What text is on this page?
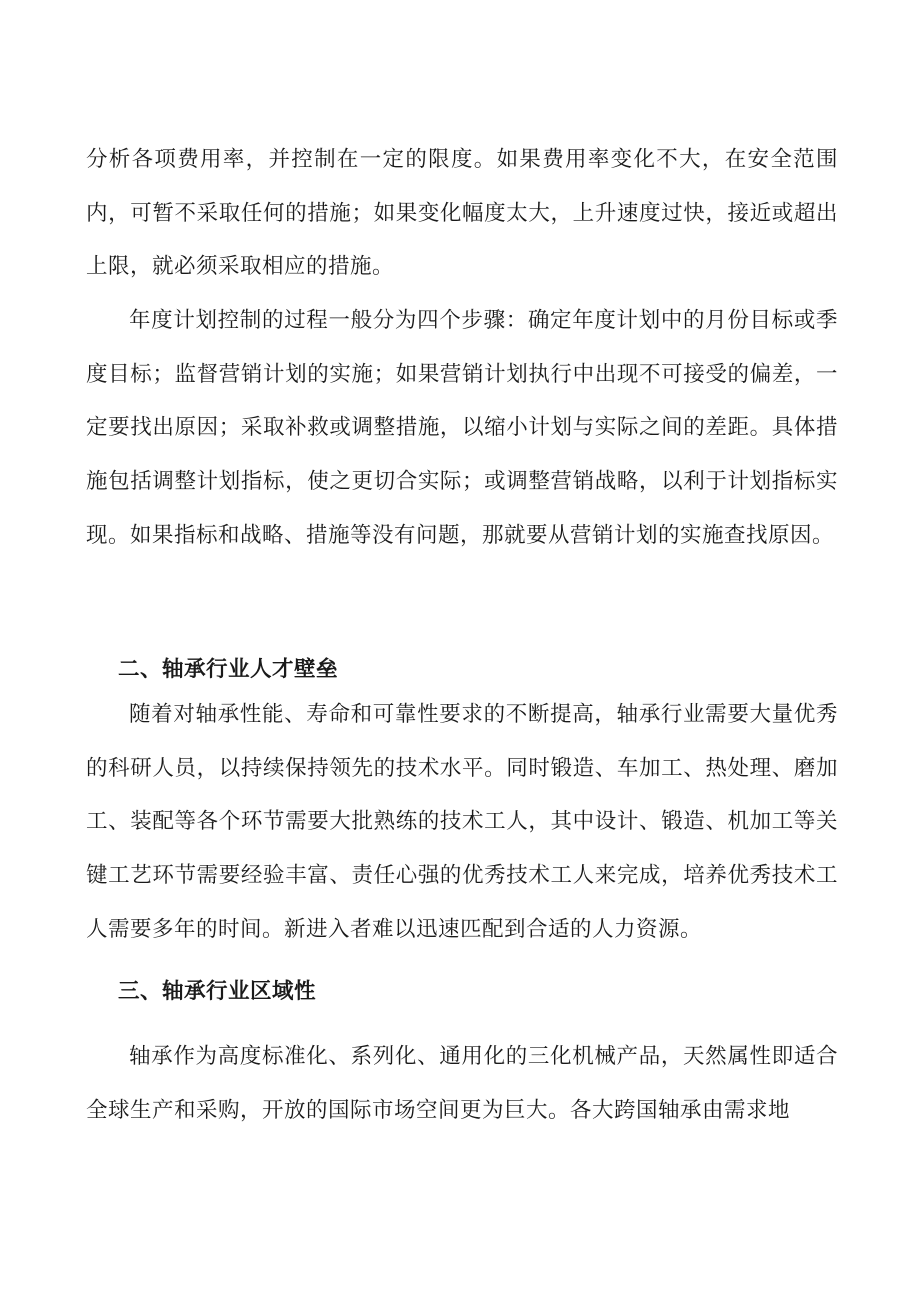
分析各项费用率，并控制在一定的限度。如果费用率变化不大，在安全范围内，可暂不采取任何的措施；如果变化幅度太大，上升速度过快，接近或超出上限，就必须采取相应的措施。

年度计划控制的过程一般分为四个步骤：确定年度计划中的月份目标或季度目标；监督营销计划的实施；如果营销计划执行中出现不可接受的偏差，一定要找出原因；采取补救或调整措施，以缩小计划与实际之间的差距。具体措施包括调整计划指标，使之更切合实际；或调整营销战略，以利于计划指标实现。如果指标和战略、措施等没有问题，那就要从营销计划的实施查找原因。

二、轴承行业人才壁垒

随着对轴承性能、寿命和可靠性要求的不断提高，轴承行业需要大量优秀的科研人员，以持续保持领先的技术水平。同时锻造、车加工、热处理、磨加工、装配等各个环节需要大批熟练的技术工人，其中设计、锻造、机加工等关键工艺环节需要经验丰富、责任心强的优秀技术工人来完成，培养优秀技术工人需要多年的时间。新进入者难以迅速匹配到合适的人力资源。

三、轴承行业区域性

轴承作为高度标准化、系列化、通用化的三化机械产品，天然属性即适合全球生产和采购，开放的国际市场空间更为巨大。各大跨国轴承由需求地
